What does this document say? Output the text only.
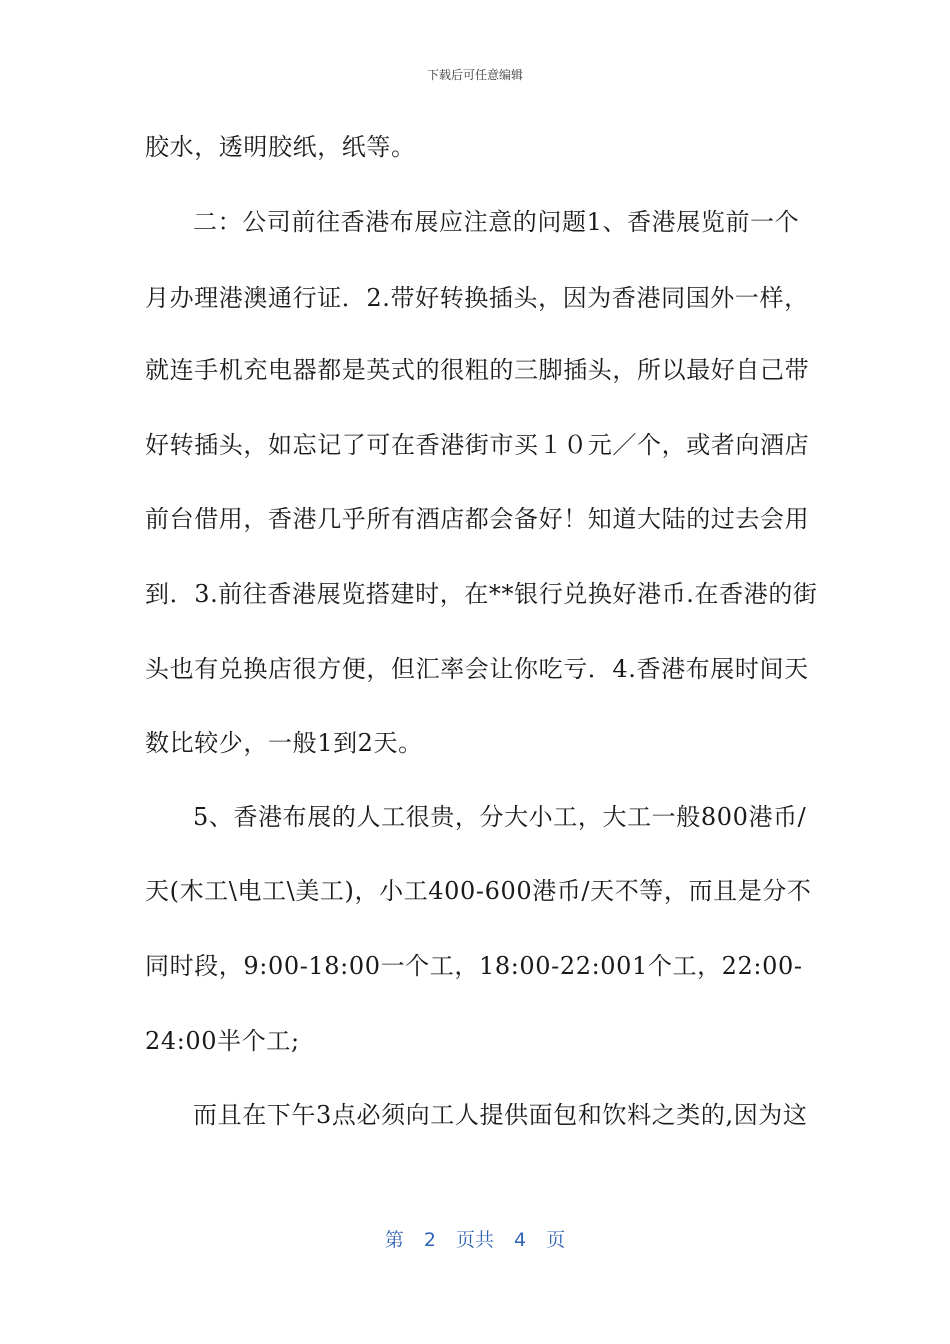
下载后可任意编辑
胶水，透明胶纸，纸等。
二：公司前往香港布展应注意的问题1、香港展览前一个
月办理港澳通行证．2.带好转换插头，因为香港同国外一样，
就连手机充电器都是英式的很粗的三脚插头，所以最好自己带
好转插头，如忘记了可在香港街市买１０元／个，或者向酒店
前台借用，香港几乎所有酒店都会备好！知道大陆的过去会用
到．3.前往香港展览搭建时，在**银行兑换好港币.在香港的街
头也有兑换店很方便，但汇率会让你吃亏．4.香港布展时间天
数比较少，一般1到2天。
5、香港布展的人工很贵，分大小工，大工一般800港币/
天(木工\电工\美工)，小工400-600港币/天不等，而且是分不
同时段，9:00-18:00一个工，18:00-22:001个工，22:00-
24:00半个工;
而且在下午3点必须向工人提供面包和饮料之类的,因为这
第 2 页共 4 页
